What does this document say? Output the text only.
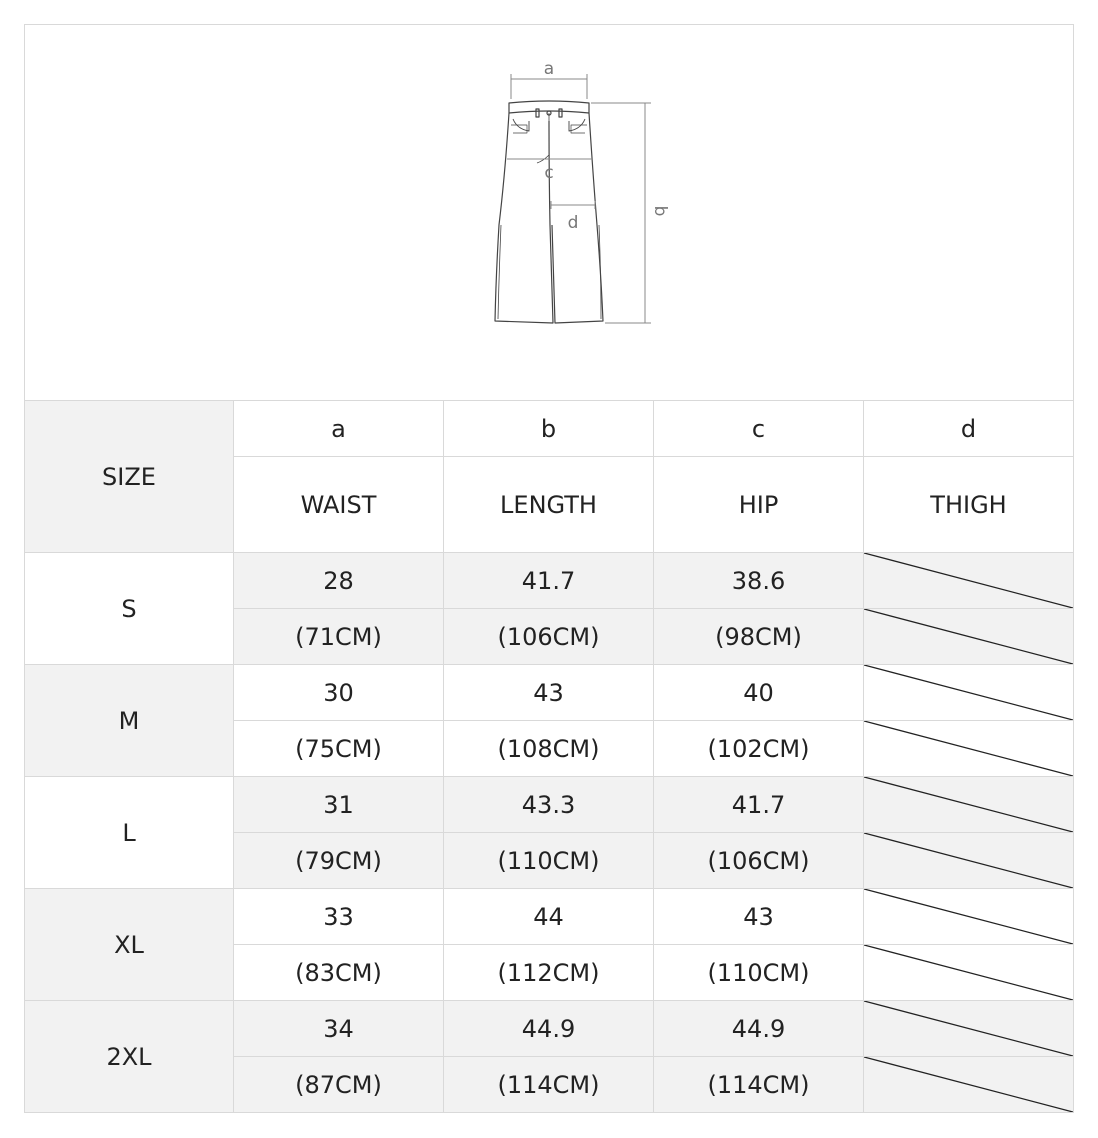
a
c
d
b
SIZE	a	b	c	d
	WAIST	LENGTH	HIP	THIGH
S	28	41.7	38.6	

	(71CM)	(106CM)	(98CM)	

M	30	43	40	

	(75CM)	(108CM)	(102CM)	

L	31	43.3	41.7	

	(79CM)	(110CM)	(106CM)	

XL	33	44	43	

	(83CM)	(112CM)	(110CM)	

2XL	34	44.9	44.9	

	(87CM)	(114CM)	(114CM)	
